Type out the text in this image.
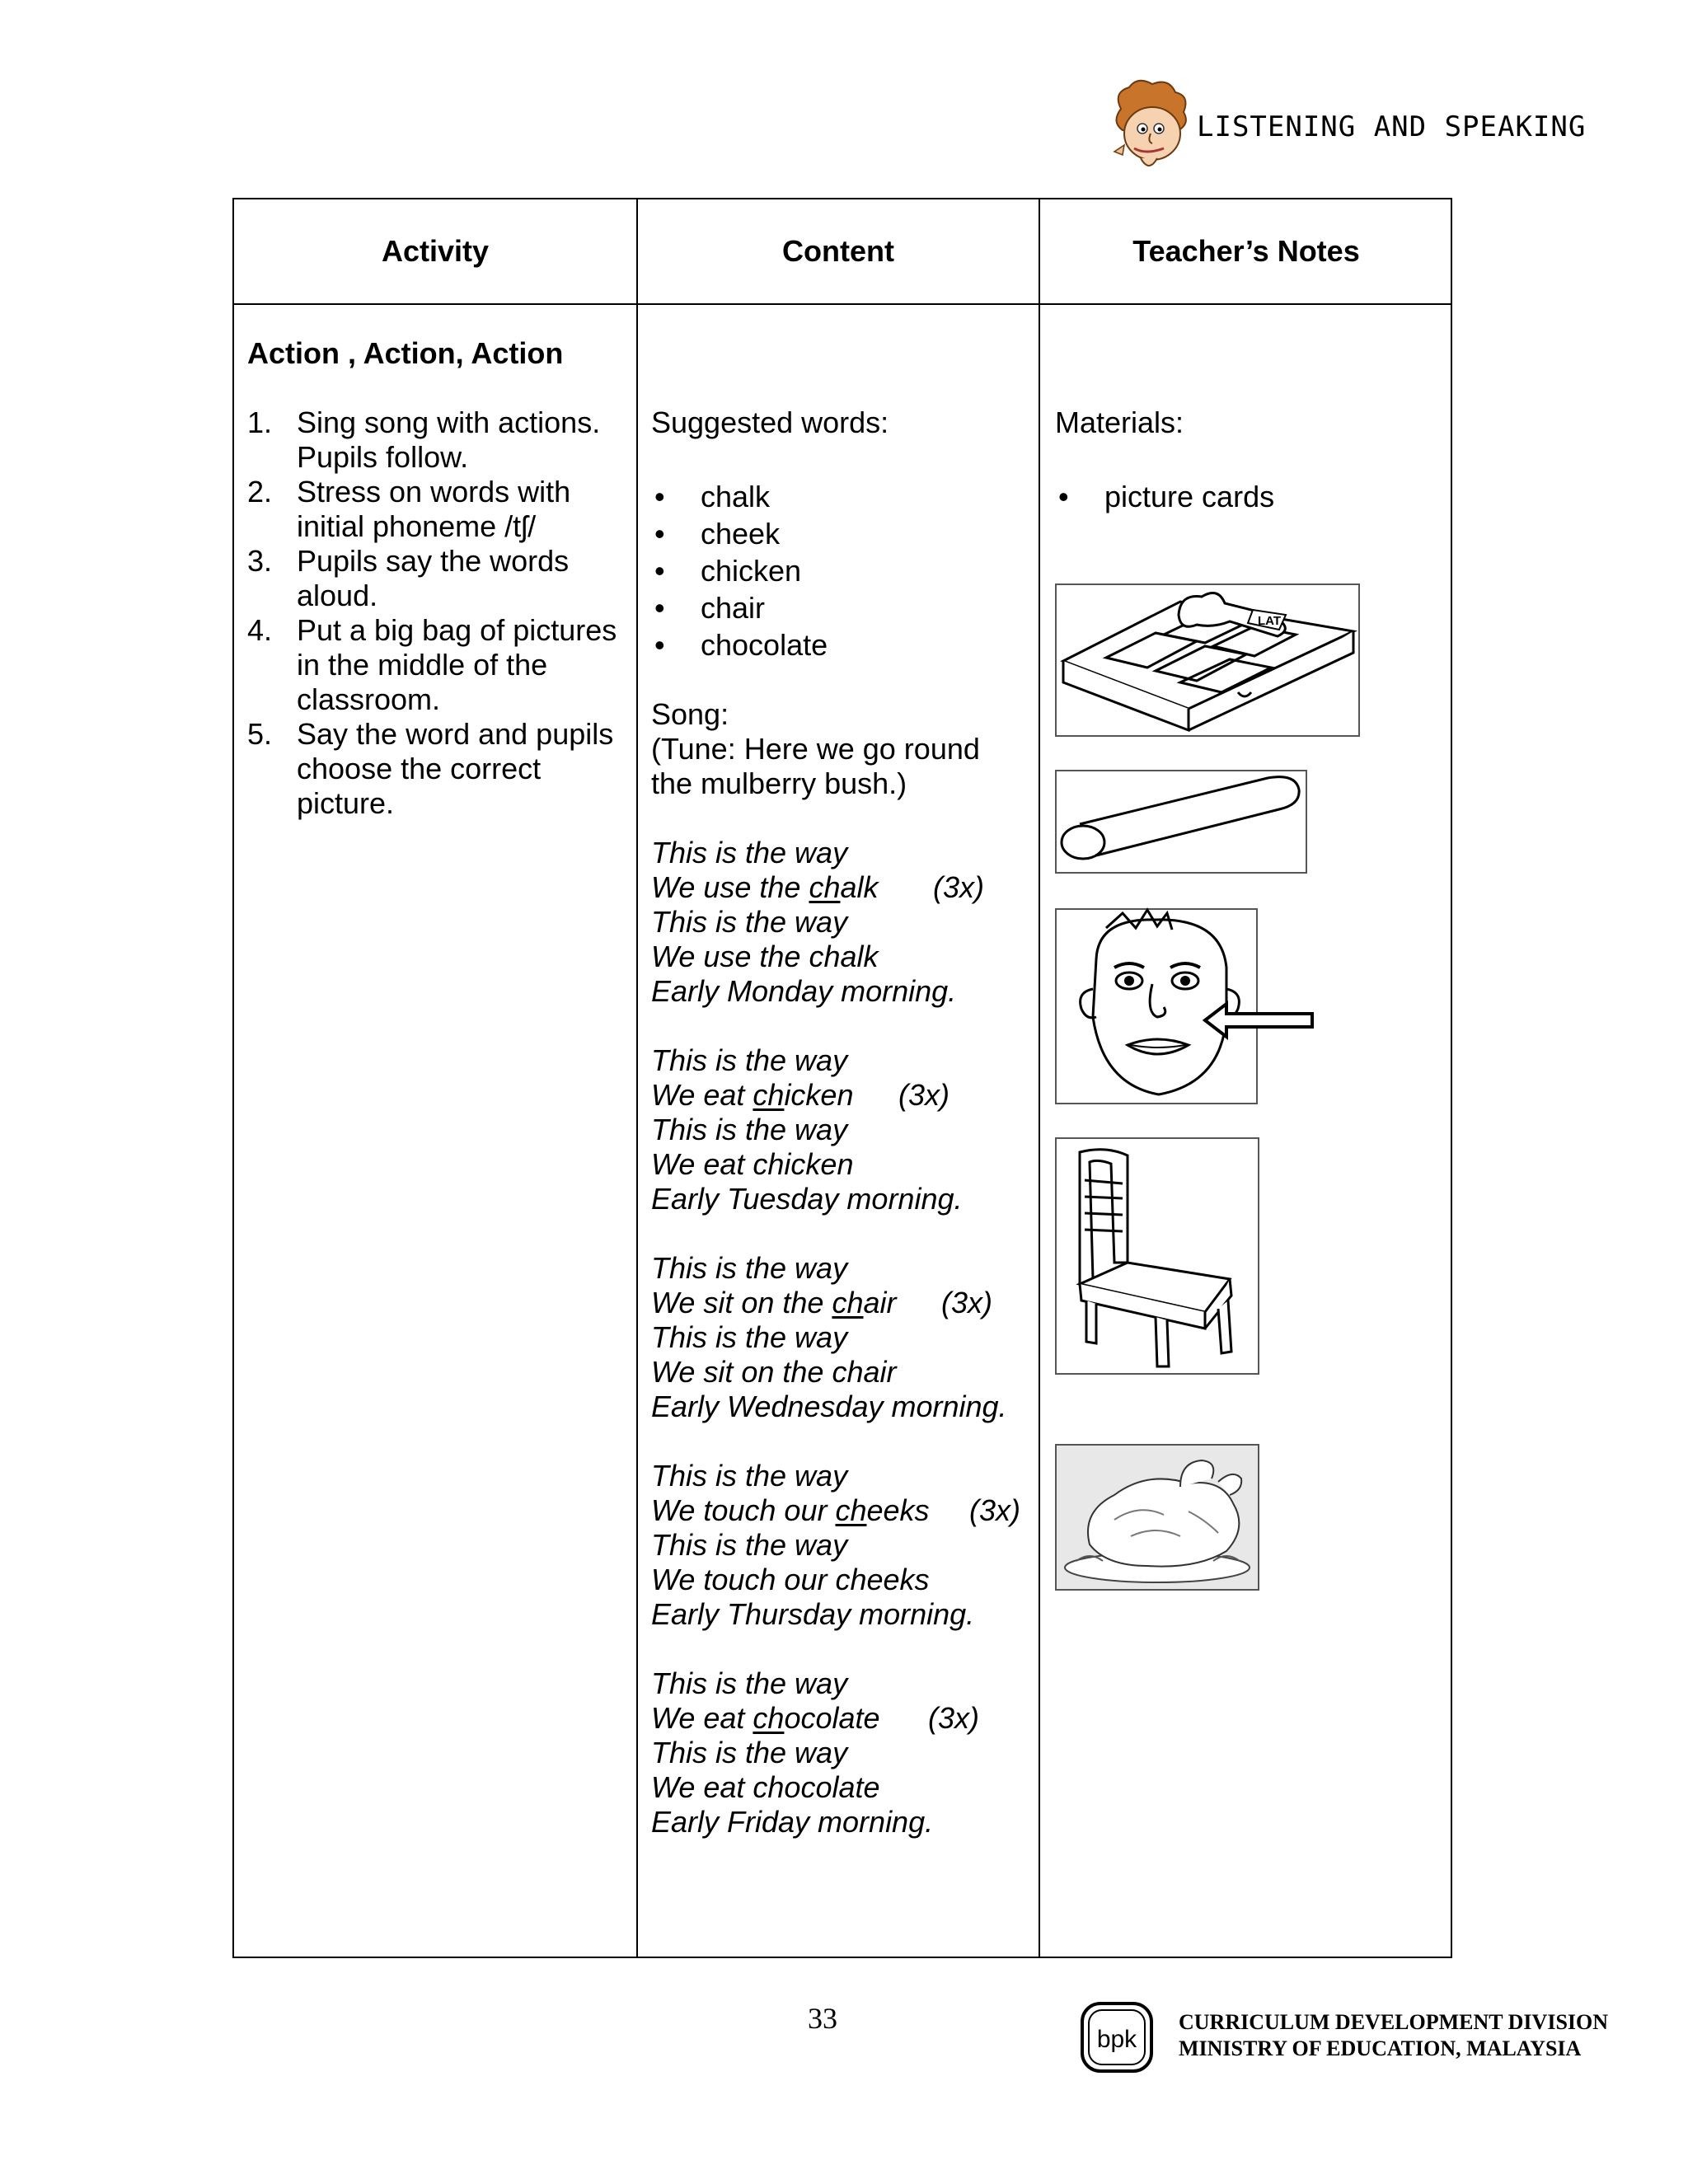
LISTENING AND SPEAKING
Activity	Content	Teacher’s Notes
Action , Action, Action
1. Sing song with actions. Pupils follow.
2. Stress on words with initial phoneme /tʃ/
3. Pupils say the words aloud.
4. Put a big bag of pictures in the middle of the classroom.
5. Say the word and pupils choose the correct picture.
Suggested words:
• chalk
• cheek
• chicken
• chair
• chocolate
Song:
(Tune: Here we go round
the mulberry bush.)
This is the way
We use the chalk (3x)
This is the way
We use the chalk
Early Monday morning.
This is the way
We eat chicken (3x)
This is the way
We eat chicken
Early Tuesday morning.
This is the way
We sit on the chair (3x)
This is the way
We sit on the chair
Early Wednesday morning.
This is the way
We touch our cheeks (3x)
This is the way
We touch our cheeks
Early Thursday morning.
This is the way
We eat chocolate (3x)
This is the way
We eat chocolate
Early Friday morning.
Materials:
• picture cards
LAT
33
bpk
CURRICULUM DEVELOPMENT DIVISION
MINISTRY OF EDUCATION, MALAYSIA
